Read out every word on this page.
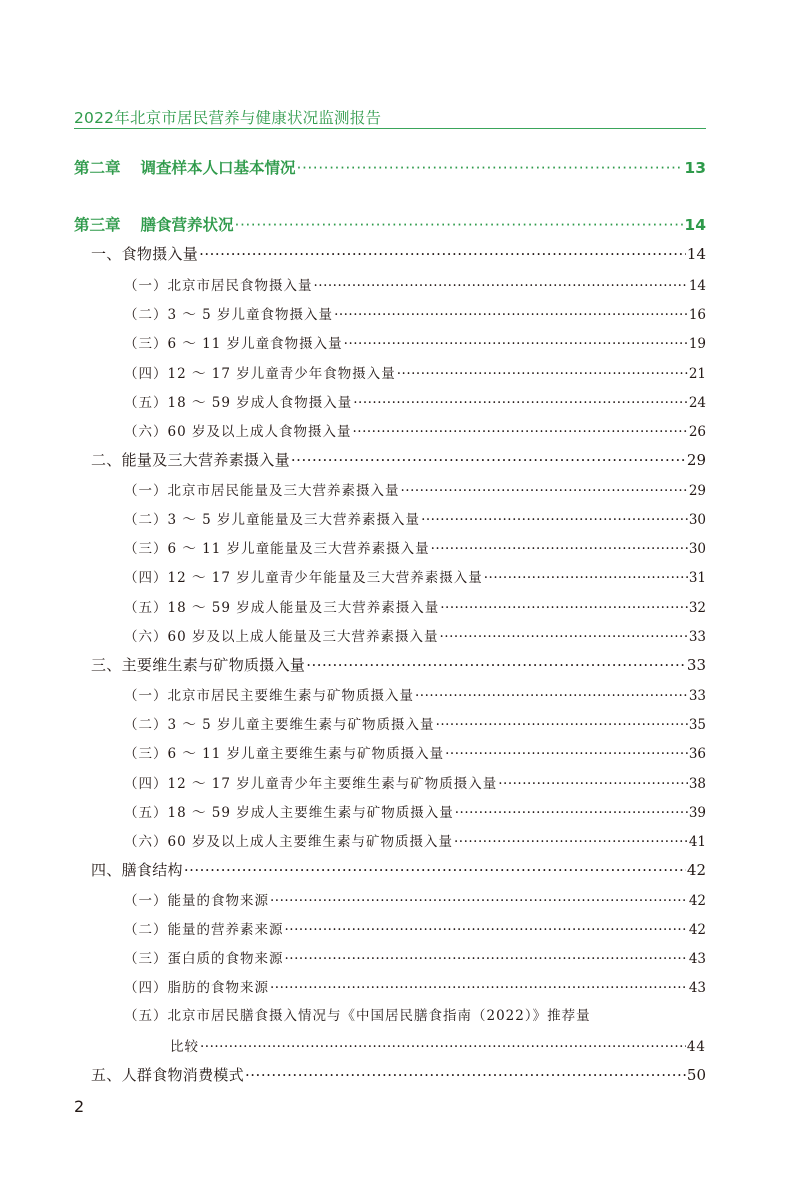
2022年北京市居民营养与健康状况监测报告
第二章 调查样本人口基本情况 ·····	13
第三章 膳食营养状况 ·····	14
一、食物摄入量 ·····	14
（一）北京市居民食物摄入量 ·····	14
（二）3 ～ 5 岁儿童食物摄入量 ·····	16
（三）6 ～ 11 岁儿童食物摄入量 ·····	19
（四）12 ～ 17 岁儿童青少年食物摄入量 ·····	21
（五）18 ～ 59 岁成人食物摄入量 ·····	24
（六）60 岁及以上成人食物摄入量 ·····	26
二、能量及三大营养素摄入量 ·····	29
（一）北京市居民能量及三大营养素摄入量 ·····	29
（二）3 ～ 5 岁儿童能量及三大营养素摄入量 ·····	30
（三）6 ～ 11 岁儿童能量及三大营养素摄入量 ·····	30
（四）12 ～ 17 岁儿童青少年能量及三大营养素摄入量 ·····	31
（五）18 ～ 59 岁成人能量及三大营养素摄入量 ·····	32
（六）60 岁及以上成人能量及三大营养素摄入量 ·····	33
三、主要维生素与矿物质摄入量 ·····	33
（一）北京市居民主要维生素与矿物质摄入量 ·····	33
（二）3 ～ 5 岁儿童主要维生素与矿物质摄入量 ·····	35
（三）6 ～ 11 岁儿童主要维生素与矿物质摄入量 ·····	36
（四）12 ～ 17 岁儿童青少年主要维生素与矿物质摄入量 ·····	38
（五）18 ～ 59 岁成人主要维生素与矿物质摄入量 ·····	39
（六）60 岁及以上成人主要维生素与矿物质摄入量 ·····	41
四、膳食结构 ·····	42
（一）能量的食物来源 ·····	42
（二）能量的营养素来源 ·····	42
（三）蛋白质的食物来源 ·····	43
（四）脂肪的食物来源 ·····	43
（五）北京市居民膳食摄入情况与《中国居民膳食指南（2022）》推荐量
比较 ·····	44
五、人群食物消费模式 ·····	50
2
